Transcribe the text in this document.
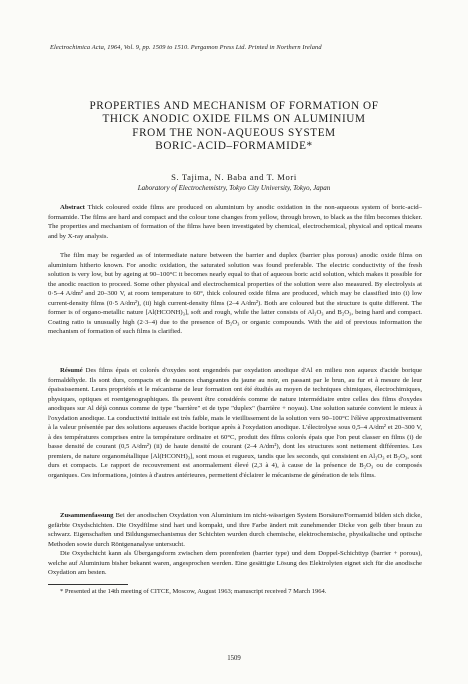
Electrochimica Acta, 1964, Vol. 9, pp. 1509 to 1510. Pergamon Press Ltd. Printed in Northern Ireland
PROPERTIES AND MECHANISM OF FORMATION OF
THICK ANODIC OXIDE FILMS ON ALUMINIUM
FROM THE NON-AQUEOUS SYSTEM
BORIC-ACID–FORMAMIDE*
S. Tajima, N. Baba and T. Mori
Laboratory of Electrochemistry, Tokyo City University, Tokyo, Japan
Abstract Thick coloured oxide films are produced on aluminium by anodic oxidation in the non-aqueous system of boric-acid–formamide. The films are hard and compact and the colour tone changes from yellow, through brown, to black as the film becomes thicker. The properties and mechanism of formation of the films have been investigated by chemical, electrochemical, physical and optical means and by X-ray analysis.
The film may be regarded as of intermediate nature between the barrier and duplex (barrier plus porous) anodic oxide films on aluminium hitherto known. For anodic oxidation, the saturated solution was found preferable. The electric conductivity of the fresh solution is very low, but by ageing at 90–100°C it becomes nearly equal to that of aqueous boric acid solution, which makes it possible for the anodic reaction to proceed. Some other physical and electrochemical properties of the solution were also measured. By electrolysis at 0·5–4 A/dm² and 20–300 V, at room temperature to 60°, thick coloured oxide films are produced, which may be classified into (i) low current-density films (0·5 A/dm²), (ii) high current-density films (2–4 A/dm²). Both are coloured but the structure is quite different. The former is of organo-metallic nature [Al(HCONH)₃], soft and rough, while the latter consists of Al₂O₃ and B₂O₃, being hard and compact. Coating ratio is unusually high (2·3–4) due to the presence of B₂O₃ or organic compounds. With the aid of previous information the mechanism of formation of such films is clarified.
Résumé Des films épais et colorés d'oxydes sont engendrés par oxydation anodique d'Al en milieu non aqueux d'acide borique formaldéhyde. Ils sont durs, compacts et de nuances changeantes du jaune au noir, en passant par le brun, au fur et à mesure de leur épaississement. Leurs propriétés et le mécanisme de leur formation ont été étudiés au moyen de techniques chimiques, électrochimiques, physiques, optiques et roentgenographiques. Ils peuvent être considérés comme de nature intermédiaire entre celles des films d'oxydes anodiques sur Al déjà connus comme de type "barrière" et de type "duplex" (barrière + noyau). Une solution saturée convient le mieux à l'oxydation anodique. La conductivité initiale est très faible, mais le vieillissement de la solution vers 90–100°C l'élève approximativement à la valeur présentée par des solutions aqueuses d'acide borique après à l'oxydation anodique. L'électrolyse sous 0,5–4 A/dm² et 20–300 V, à des températures comprises entre la température ordinaire et 60°C, produit des films colorés épais que l'on peut classer en films (i) de basse densité de courant (0,5 A/dm²) (ii) de haute densité de courant (2–4 A/dm²), dont les structures sont nettement différentes. Les premiers, de nature organométallique [Al(HCONH)₃], sont mous et rugueux, tandis que les seconds, qui consistent en Al₂O₃ et B₂O₃, sont durs et compacts. Le rapport de recouvrement est anormalement élevé (2,3 à 4), à cause de la présence de B₂O₃ ou de composés organiques. Ces informations, jointes à d'autres antérieures, permettent d'éclairer le mécanisme de génération de tels films.
Zusammenfassung Bei der anodischen Oxydation von Aluminium im nicht-wässrigen System Borsäure/Formamid bilden sich dicke, gefärbte Oxydschichten. Die Oxydfilme sind hart und kompakt, und ihre Farbe ändert mit zunehmender Dicke von gelb über braun zu schwarz. Eigenschaften und Bildungsmechanismus der Schichten wurden durch chemische, elektrochemische, physikalische und optische Methoden sowie durch Röntgenanalyse untersucht.
Die Oxydschicht kann als Übergangsform zwischen dem porenfreien (barrier type) und dem Doppel-Schichttyp (barrier + porous), welche auf Aluminium bisher bekannt waren, angesprochen werden. Eine gesättigte Lösung des Elektrolyten eignet sich für die anodische Oxydation am besten.
* Presented at the 14th meeting of CITCE, Moscow, August 1963; manuscript received 7 March 1964.
1509
